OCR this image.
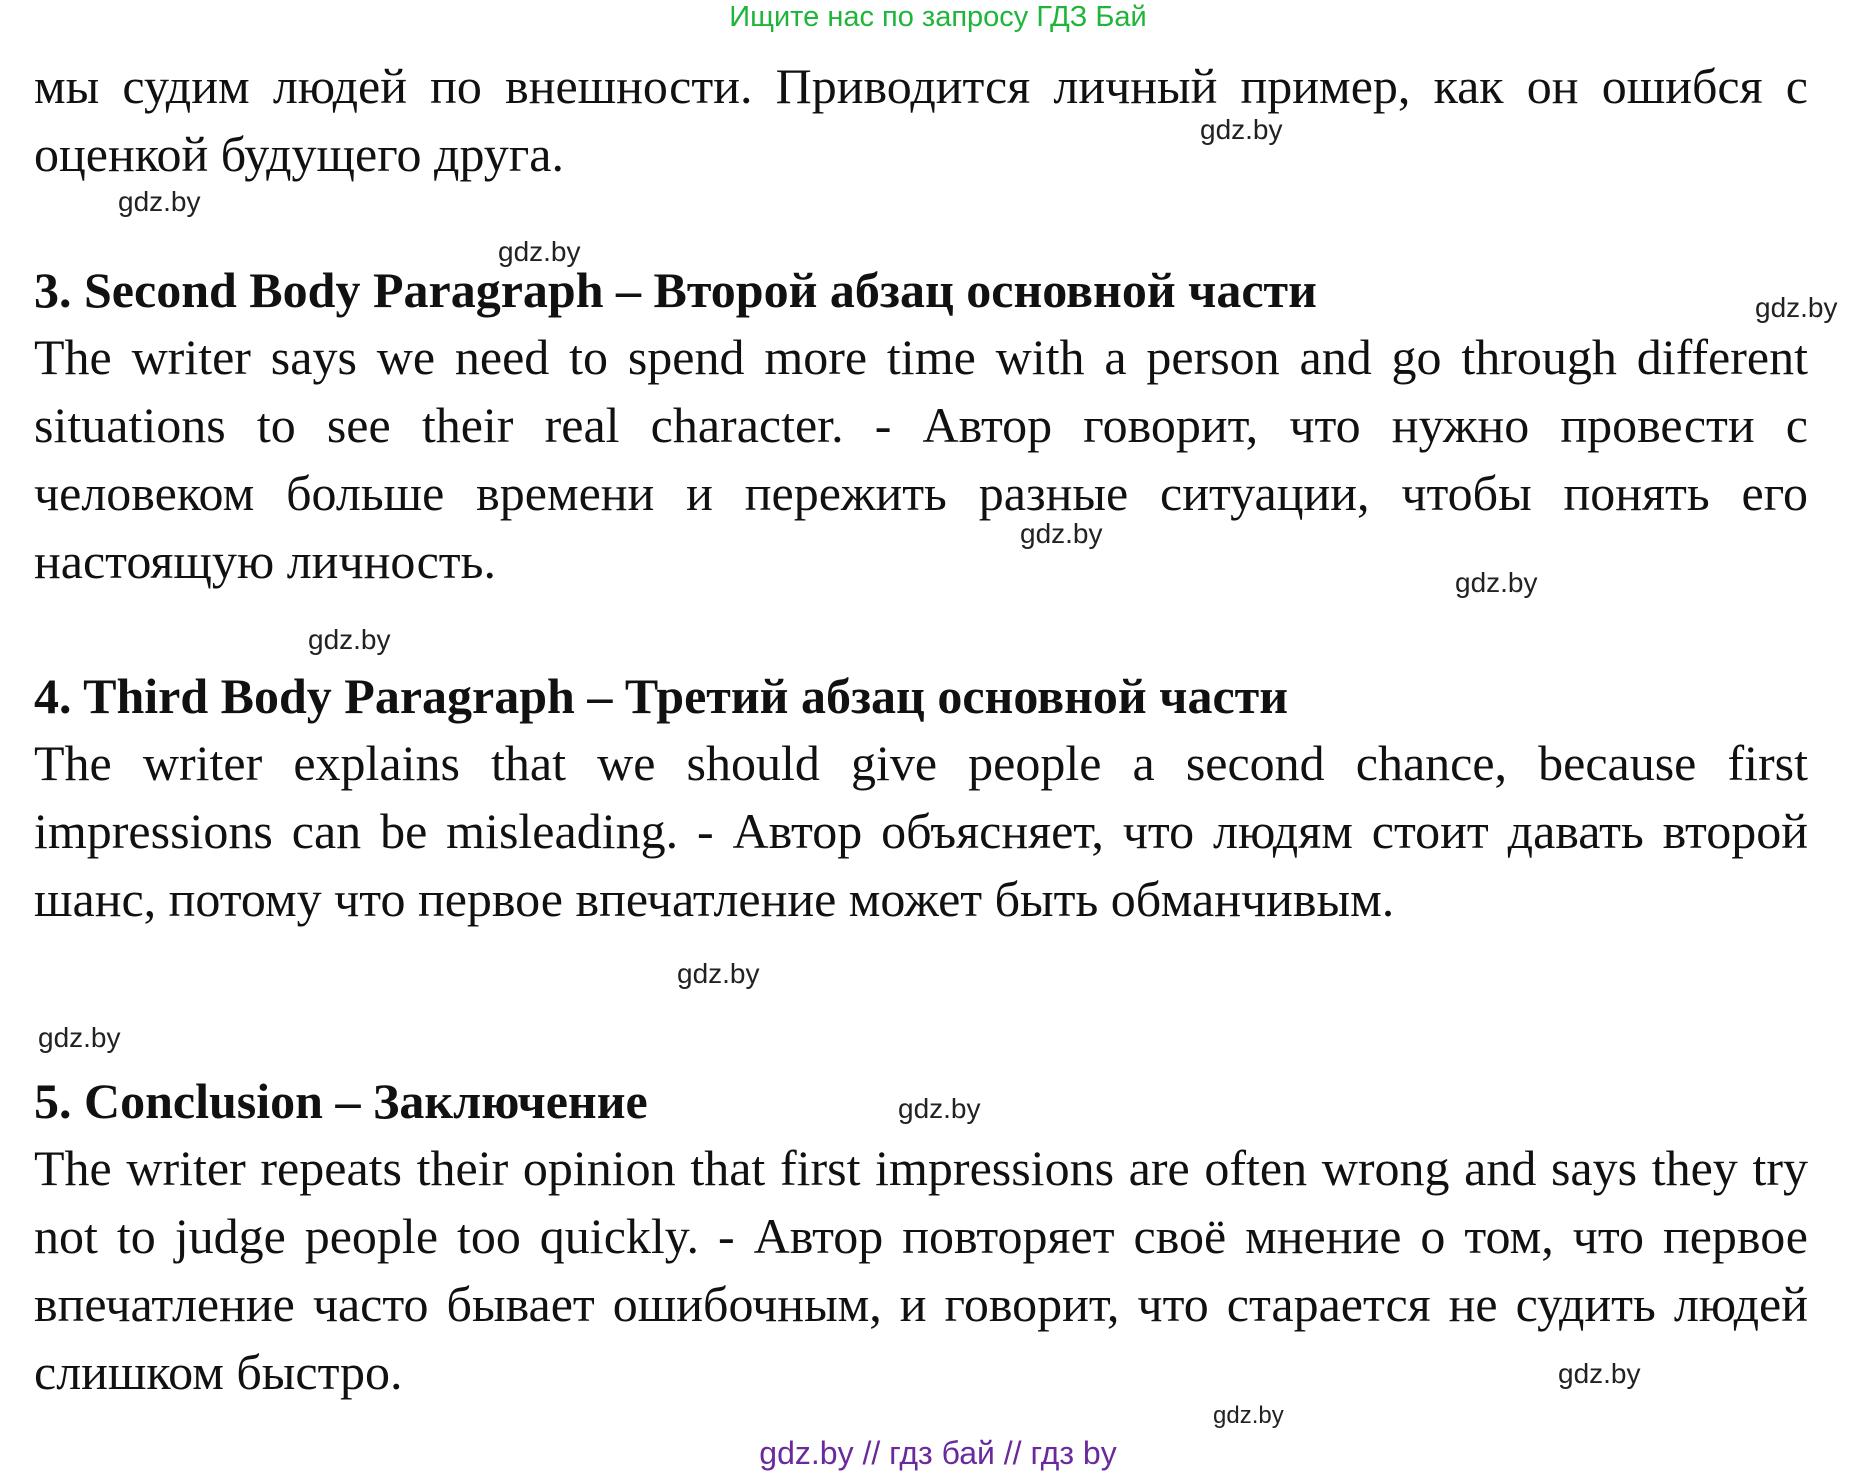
Ищите нас по запросу ГДЗ Бай

мы судим людей по внешности. Приводится личный пример, как он ошибся с оценкой будущего друга.

3. Second Body Paragraph – Второй абзац основной части

The writer says we need to spend more time with a person and go through different situations to see their real character. - Автор говорит, что нужно провести с человеком больше времени и пережить разные ситуации, чтобы понять его настоящую личность.

4. Third Body Paragraph – Третий абзац основной части

The writer explains that we should give people a second chance, because first impressions can be misleading. - Автор объясняет, что людям стоит давать второй шанс, потому что первое впечатление может быть обманчивым.

5. Conclusion – Заключение

The writer repeats their opinion that first impressions are often wrong and says they try not to judge people too quickly. - Автор повторяет своё мнение о том, что первое впечатление часто бывает ошибочным, и говорит, что старается не судить людей слишком быстро.

gdz.by
gdz.by
gdz.by
gdz.by
gdz.by
gdz.by
gdz.by
gdz.by
gdz.by
gdz.by
gdz.by
gdz.by
gdz.by // гдз бай // гдз by
